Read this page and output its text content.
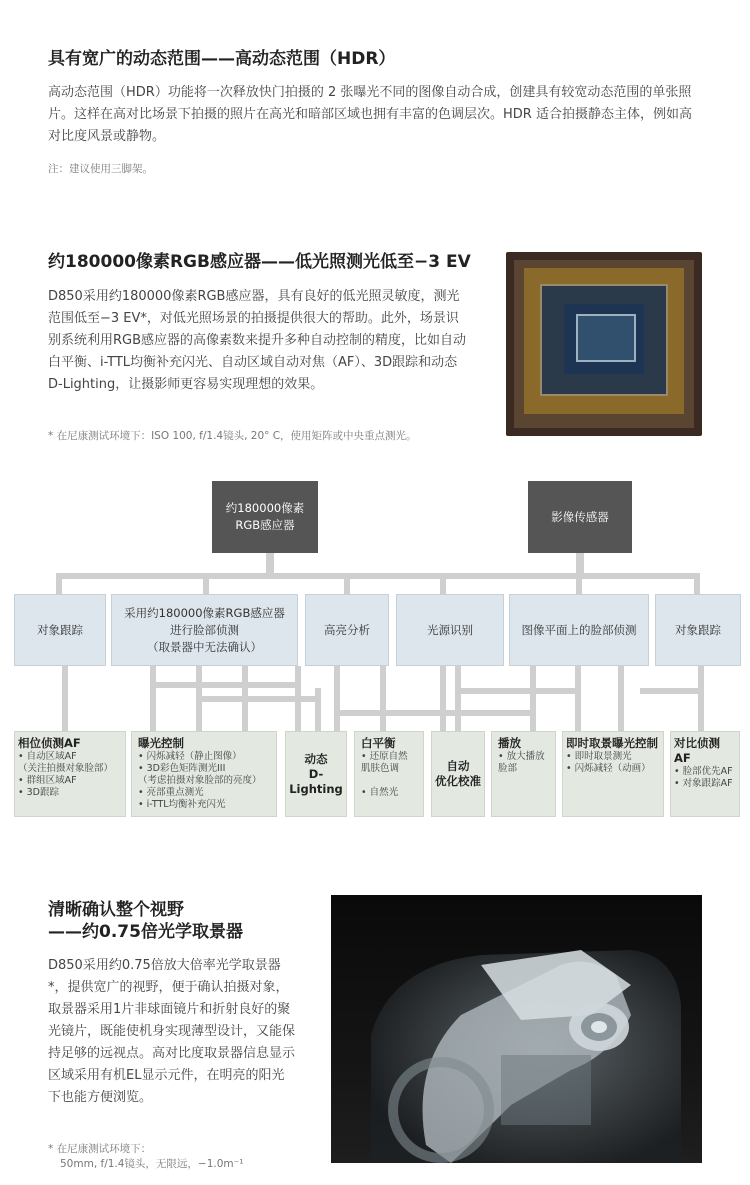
具有宽广的动态范围——高动态范围（HDR）
高动态范围（HDR）功能将一次释放快门拍摄的 2 张曝光不同的图像自动合成，创建具有较宽动态范围的单张照片。这样在高对比场景下拍摄的照片在高光和暗部区域也拥有丰富的色调层次。HDR 适合拍摄静态主体，例如高对比度风景或静物。
注：建议使用三脚架。
约180000像素RGB感应器——低光照测光低至−3 EV
D850采用约180000像素RGB感应器，具有良好的低光照灵敏度，测光范围低至−3 EV*，对低光照场景的拍摄提供很大的帮助。此外，场景识别系统利用RGB感应器的高像素数来提升多种自动控制的精度，比如自动白平衡、i-TTL均衡补充闪光、自动区域自动对焦（AF）、3D跟踪和动态D-Lighting，让摄影师更容易实现理想的效果。
* 在尼康测试环境下：ISO 100, f/1.4镜头, 20° C，使用矩阵或中央重点测光。
约180000像素
RGB感应器
影像传感器
对象跟踪
采用约180000像素RGB感应器
进行脸部侦测
（取景器中无法确认）
高亮分析	光源识别	图像平面上的脸部侦测	对象跟踪
相位侦测AF
• 自动区域AF
（关注拍摄对象脸部）
• 群组区域AF
• 3D跟踪
曝光控制
• 闪烁减轻（静止图像）
• 3D彩色矩阵测光III
（考虑拍摄对象脸部的亮度）
• 亮部重点测光
• i-TTL均衡补充闪光
动态
D-Lighting
白平衡
• 还原自然
肌肤色调

• 自然光
自动
优化校准
播放
• 放大播放
脸部
即时取景曝光控制
• 即时取景测光
• 闪烁减轻（动画）
对比侦测AF
• 脸部优先AF
• 对象跟踪AF
清晰确认整个视野
——约0.75倍光学取景器
D850采用约0.75倍放大倍率光学取景器*，提供宽广的视野，便于确认拍摄对象，取景器采用1片非球面镜片和折射良好的聚光镜片，既能使机身实现薄型设计，又能保持足够的远视点。高对比度取景器信息显示区域采用有机EL显示元件，在明亮的阳光下也能方便浏览。
* 在尼康测试环境下：
50mm, f/1.4镜头，无限远，−1.0m⁻¹
